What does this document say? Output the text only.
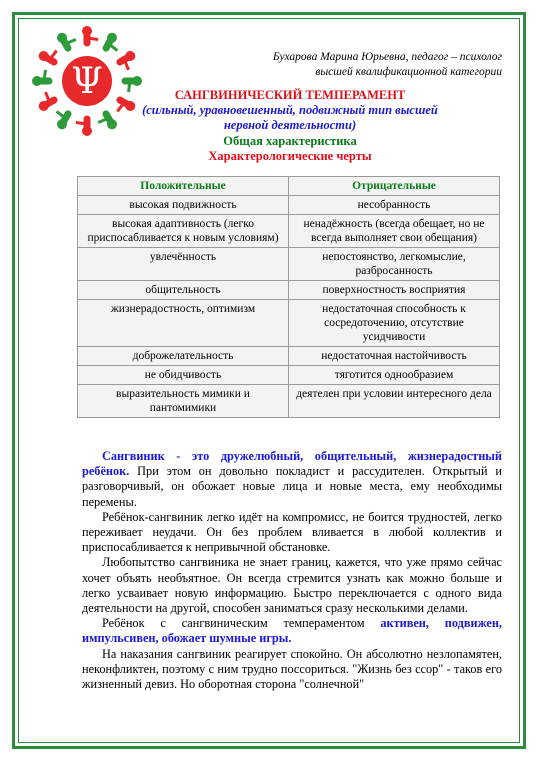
Ψ
Бухарова Марина Юрьевна, педагог – психолог
высшей квалификационной категории
САНГВИНИЧЕСКИЙ ТЕМПЕРАМЕНТ
(сильный, уравновешенный, подвижный тип высшей нервной деятельности)
Общая характеристика
Характерологические черты
Положительные	Отрицательные
высокая подвижность	несобранность
высокая адаптивность (легко приспосабливается к новым условиям)	ненадёжность (всегда обещает, но не всегда выполняет свои обещания)
увлечённость	непостоянство, легкомыслие, разбросанность
общительность	поверхностность восприятия
жизнерадостность, оптимизм	недостаточная способность к сосредоточению, отсутствие усидчивости
доброжелательность	недостаточная настойчивость
не обидчивость	тяготится однообразием
выразительность мимики и пантомимики	деятелен при условии интересного дела

Сангвиник - это дружелюбный, общительный, жизнерадостный ребёнок. При этом он довольно покладист и рассудителен. Открытый и разговорчивый, он обожает новые лица и новые места, ему необходимы перемены.

Ребёнок-сангвиник легко идёт на компромисс, не боится трудностей, легко переживает неудачи. Он без проблем вливается в любой коллектив и приспосабливается к непривычной обстановке.

Любопытство сангвиника не знает границ, кажется, что уже прямо сейчас хочет объять необъятное. Он всегда стремится узнать как можно больше и легко усваивает новую информацию. Быстро переключается с одного вида деятельности на другой, способен заниматься сразу несколькими делами.

Ребёнок с сангвиническим темпераментом активен, подвижен, импульсивен, обожает шумные игры.

На наказания сангвиник реагирует спокойно. Он абсолютно незлопамятен, неконфликтен, поэтому с ним трудно поссориться. "Жизнь без ссор" - таков его жизненный девиз. Но оборотная сторона "солнечной"
